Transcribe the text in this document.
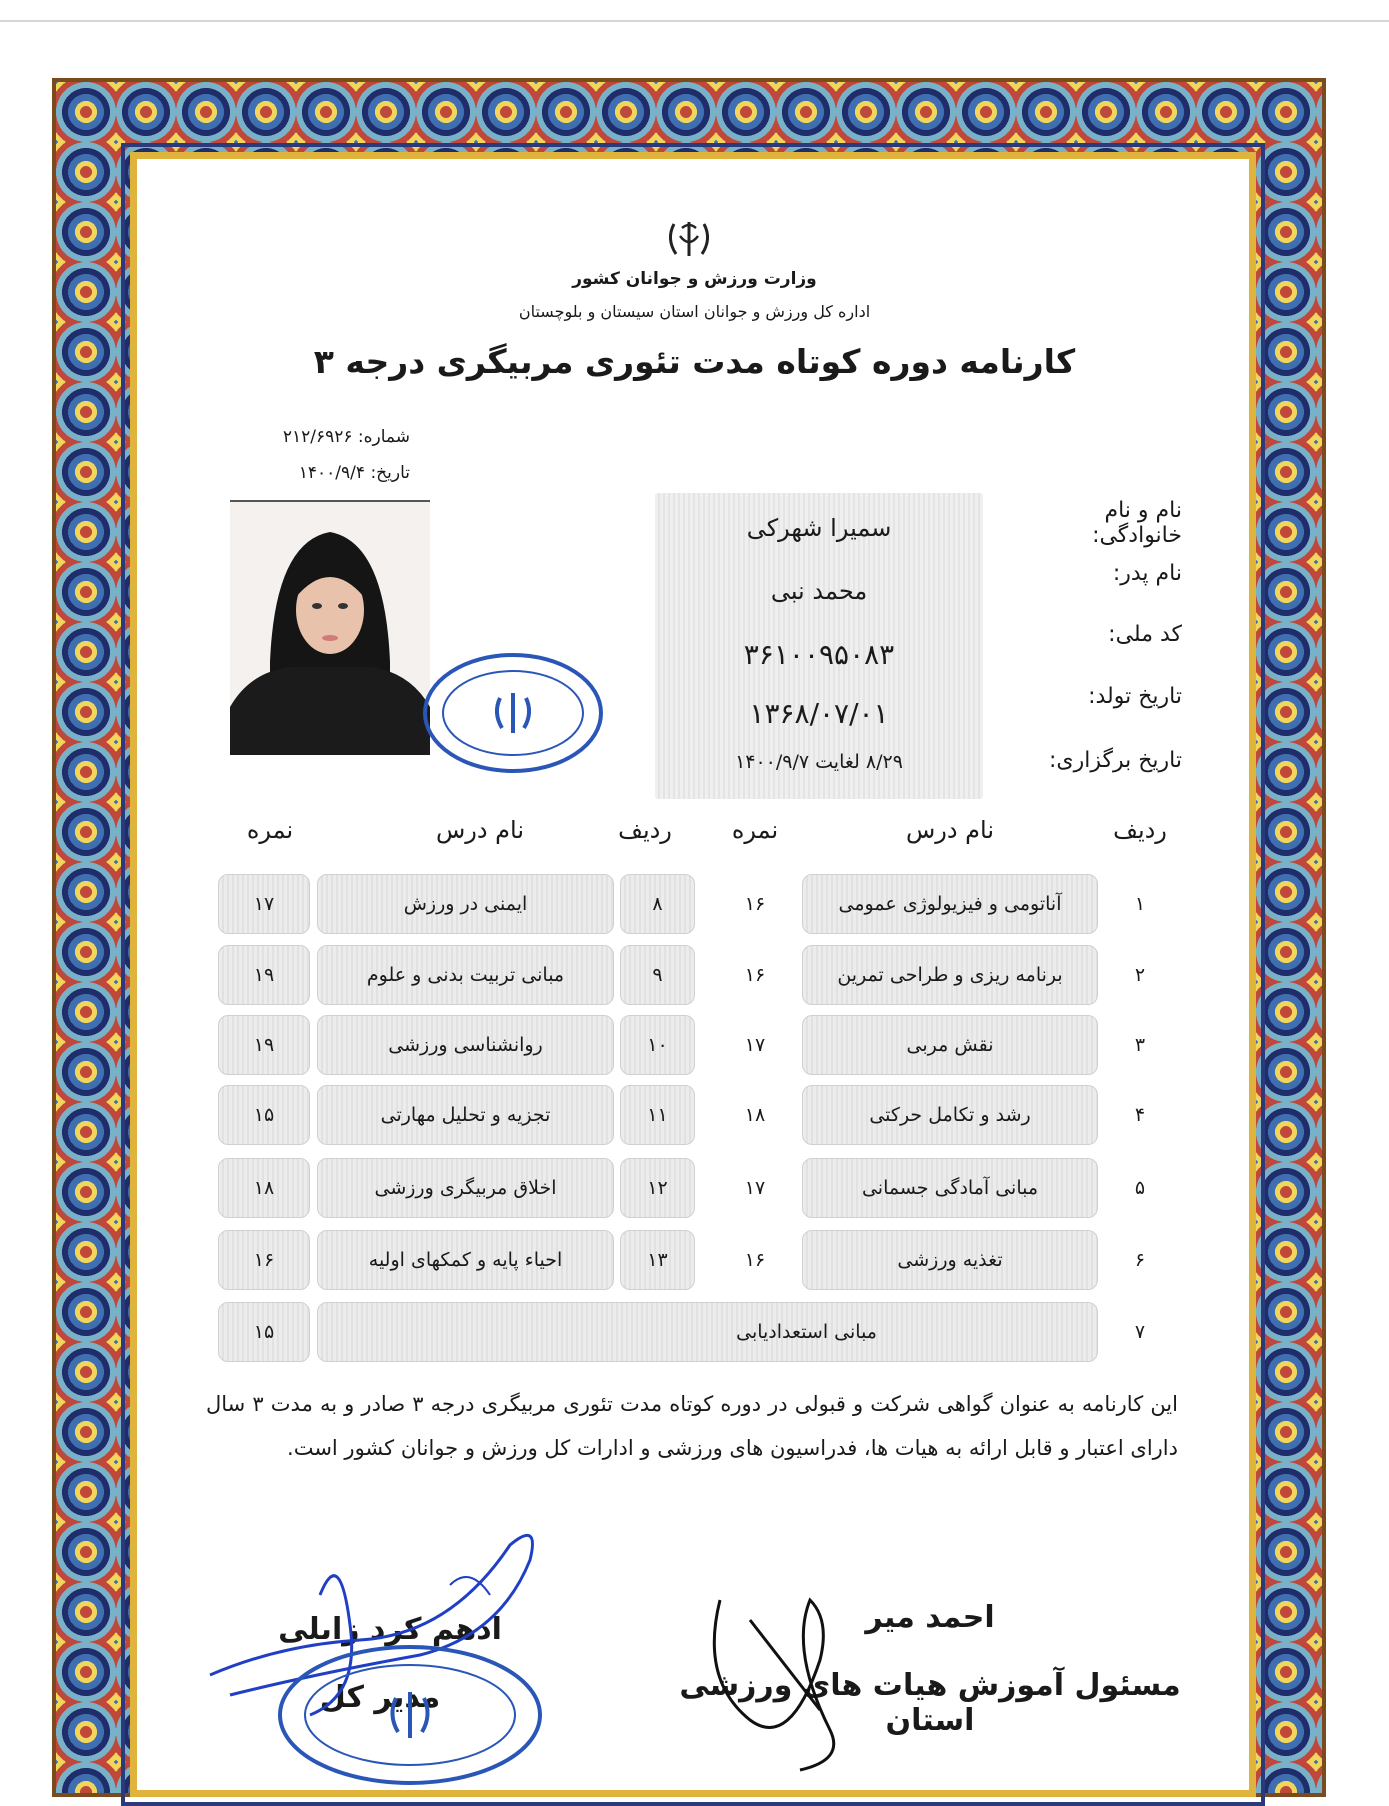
وزارت ورزش و جوانان کشور
اداره کل ورزش و جوانان استان سیستان و بلوچستان
کارنامه دوره کوتاه مدت تئوری مربیگری درجه ۳
شماره: ۲۱۲/۶۹۲۶
تاریخ: ۱۴۰۰/۹/۴
نام و نام خانوادگی:
سمیرا شهرکی
نام پدر:
محمد نبی
کد ملی:
۳۶۱۰۰۹۵۰۸۳
تاریخ تولد:
۱۳۶۸/۰۷/۰۱
تاریخ برگزاری:
۸/۲۹ لغایت ۱۴۰۰/۹/۷
ردیف
نام درس
نمره
ردیف
نام درس
نمره
۱
آناتومی و فیزیولوژی عمومی
۱۶
۸
ایمنی در ورزش
۱۷
۲
برنامه ریزی و طراحی تمرین
۱۶
۹
مبانی تربیت بدنی و علوم
۱۹
۳
نقش مربی
۱۷
۱۰
روانشناسی ورزشی
۱۹
۴
رشد و تکامل حرکتی
۱۸
۱۱
تجزیه و تحلیل مهارتی
۱۵
۵
مبانی آمادگی جسمانی
۱۷
۱۲
اخلاق مربیگری ورزشی
۱۸
۶
تغذیه ورزشی
۱۶
۱۳
احیاء پایه و کمکهای اولیه
۱۶
۷
مبانی استعدادیابی
۱۵
این کارنامه به عنوان گواهی شرکت و قبولی در دوره کوتاه مدت تئوری مربیگری درجه ۳ صادر و به مدت ۳ سال دارای اعتبار و قابل ارائه به هیات ها، فدراسیون های ورزشی و ادارات کل ورزش و جوانان کشور است.
احمد میر
مسئول آموزش هیات های ورزشی استان
ادهم کرد زابلی
مدیر کل
